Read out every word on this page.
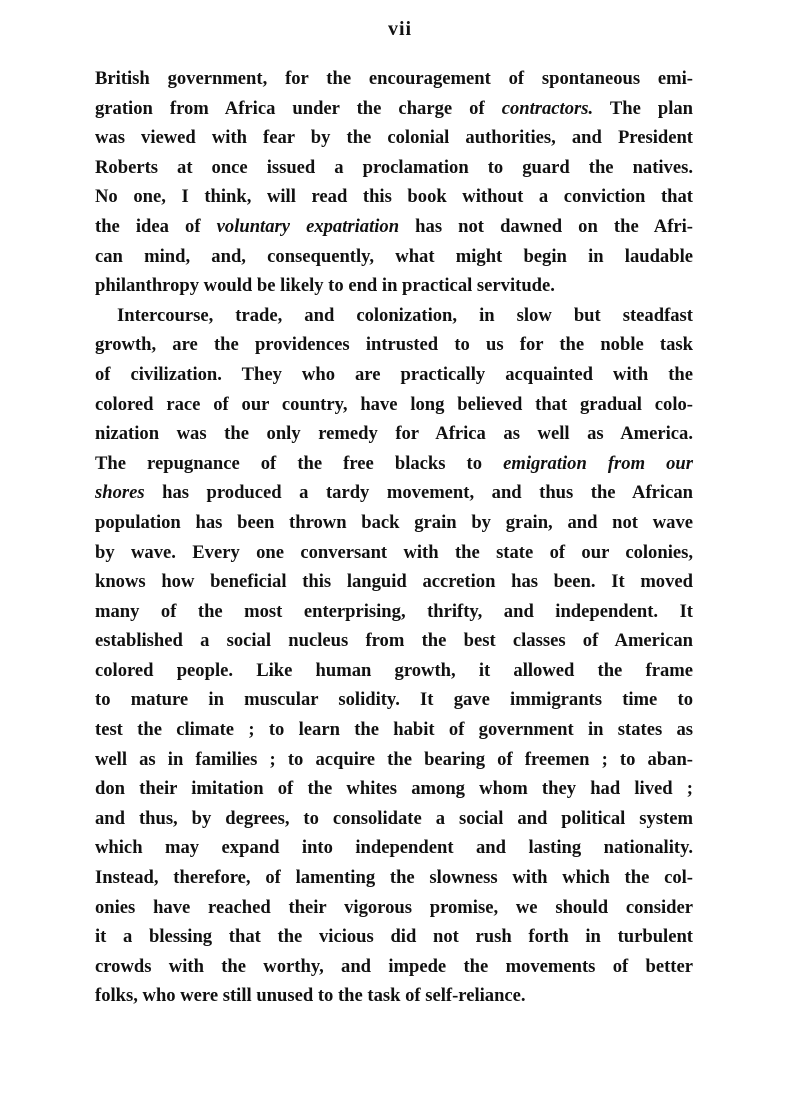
vii
British government, for the encouragement of spontaneous emi-
gration from Africa under the charge of contractors. The plan
was viewed with fear by the colonial authorities, and President
Roberts at once issued a proclamation to guard the natives.
No one, I think, will read this book without a conviction that
the idea of voluntary expatriation has not dawned on the Afri-
can mind, and, consequently, what might begin in laudable
philanthropy would be likely to end in practical servitude.
Intercourse, trade, and colonization, in slow but steadfast
growth, are the providences intrusted to us for the noble task
of civilization. They who are practically acquainted with the
colored race of our country, have long believed that gradual colo-
nization was the only remedy for Africa as well as America.
The repugnance of the free blacks to emigration from our
shores has produced a tardy movement, and thus the African
population has been thrown back grain by grain, and not wave
by wave. Every one conversant with the state of our colonies,
knows how beneficial this languid accretion has been. It moved
many of the most enterprising, thrifty, and independent. It
established a social nucleus from the best classes of American
colored people. Like human growth, it allowed the frame
to mature in muscular solidity. It gave immigrants time to
test the climate ; to learn the habit of government in states as
well as in families ; to acquire the bearing of freemen ; to aban-
don their imitation of the whites among whom they had lived ;
and thus, by degrees, to consolidate a social and political system
which may expand into independent and lasting nationality.
Instead, therefore, of lamenting the slowness with which the col-
onies have reached their vigorous promise, we should consider
it a blessing that the vicious did not rush forth in turbulent
crowds with the worthy, and impede the movements of better
folks, who were still unused to the task of self-reliance.
